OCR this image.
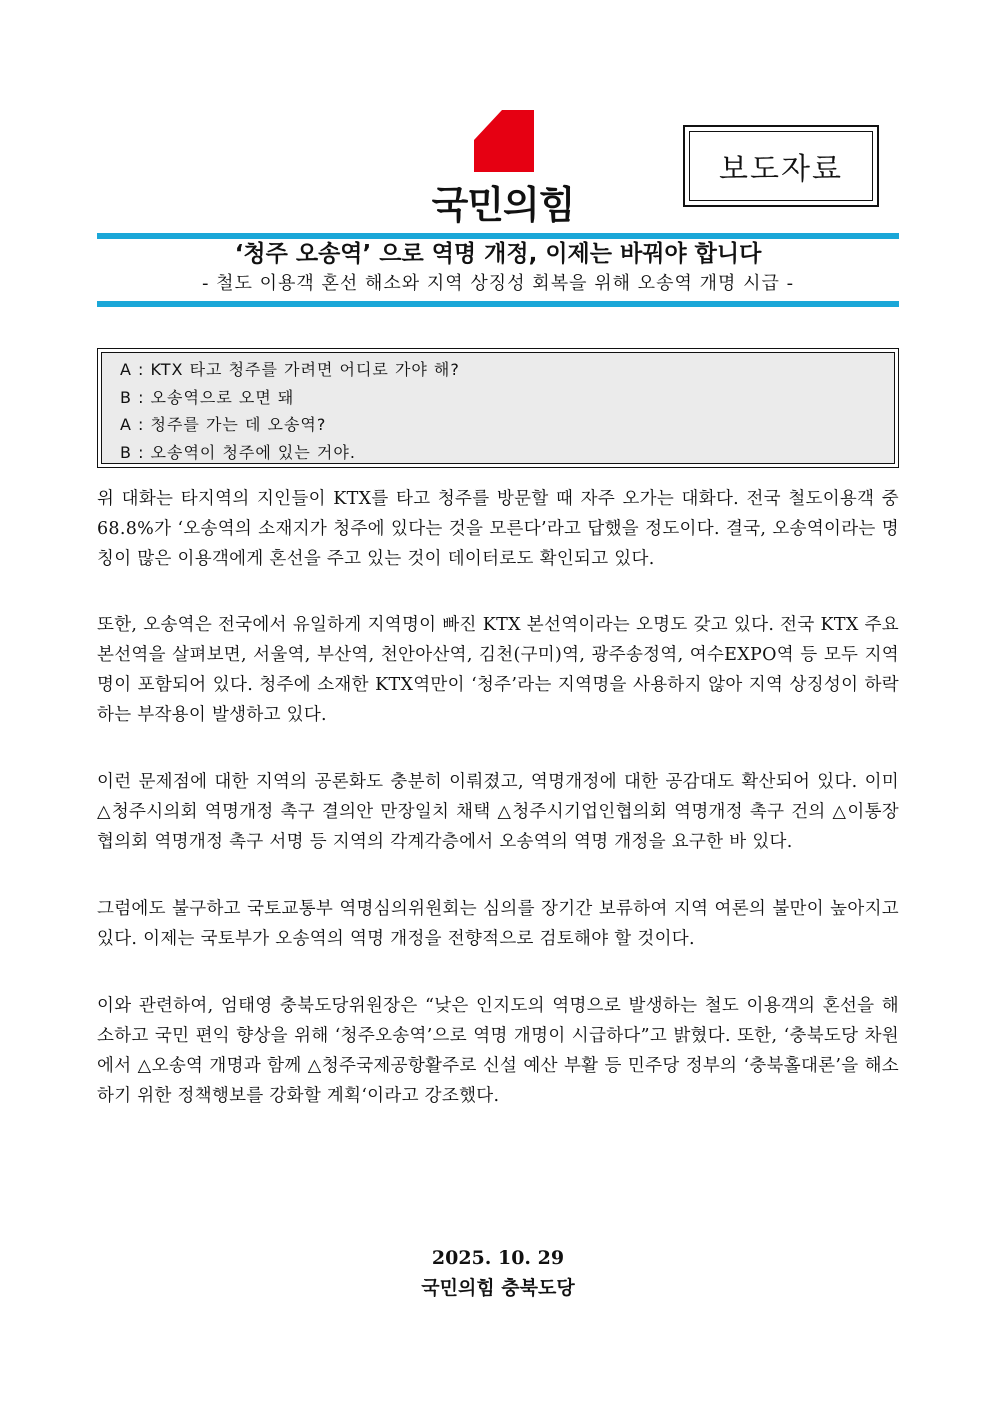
국민의힘
보도자료
‘청주 오송역’ 으로 역명 개정, 이제는 바꿔야 합니다
- 철도 이용객 혼선 해소와 지역 상징성 회복을 위해 오송역 개명 시급 -
A : KTX 타고 청주를 가려면 어디로 가야 해?
B : 오송역으로 오면 돼
A : 청주를 가는 데 오송역?
B : 오송역이 청주에 있는 거야.

위 대화는 타지역의 지인들이 KTX를 타고 청주를 방문할 때 자주 오가는 대화다. 전국 철도이용객 중 68.8%가 ‘오송역의 소재지가 청주에 있다는 것을 모른다’라고 답했을 정도이다. 결국, 오송역이라는 명칭이 많은 이용객에게 혼선을 주고 있는 것이 데이터로도 확인되고 있다.

또한, 오송역은 전국에서 유일하게 지역명이 빠진 KTX 본선역이라는 오명도 갖고 있다. 전국 KTX 주요 본선역을 살펴보면, 서울역, 부산역, 천안아산역, 김천(구미)역, 광주송정역, 여수EXPO역 등 모두 지역명이 포함되어 있다. 청주에 소재한 KTX역만이 ‘청주’라는 지역명을 사용하지 않아 지역 상징성이 하락하는 부작용이 발생하고 있다.

이런 문제점에 대한 지역의 공론화도 충분히 이뤄졌고, 역명개정에 대한 공감대도 확산되어 있다. 이미 △청주시의회 역명개정 촉구 결의안 만장일치 채택 △청주시기업인협의회 역명개정 촉구 건의 △이통장협의회 역명개정 촉구 서명 등 지역의 각계각층에서 오송역의 역명 개정을 요구한 바 있다.

그럼에도 불구하고 국토교통부 역명심의위원회는 심의를 장기간 보류하여 지역 여론의 불만이 높아지고 있다. 이제는 국토부가 오송역의 역명 개정을 전향적으로 검토해야 할 것이다.

이와 관련하여, 엄태영 충북도당위원장은 “낮은 인지도의 역명으로 발생하는 철도 이용객의 혼선을 해소하고 국민 편익 향상을 위해 ‘청주오송역’으로 역명 개명이 시급하다”고 밝혔다. 또한, ‘충북도당 차원에서 △오송역 개명과 함께 △청주국제공항활주로 신설 예산 부활 등 민주당 정부의 ‘충북홀대론’을 해소하기 위한 정책행보를 강화할 계획‘이라고 강조했다.

2025. 10. 29
국민의힘 충북도당
